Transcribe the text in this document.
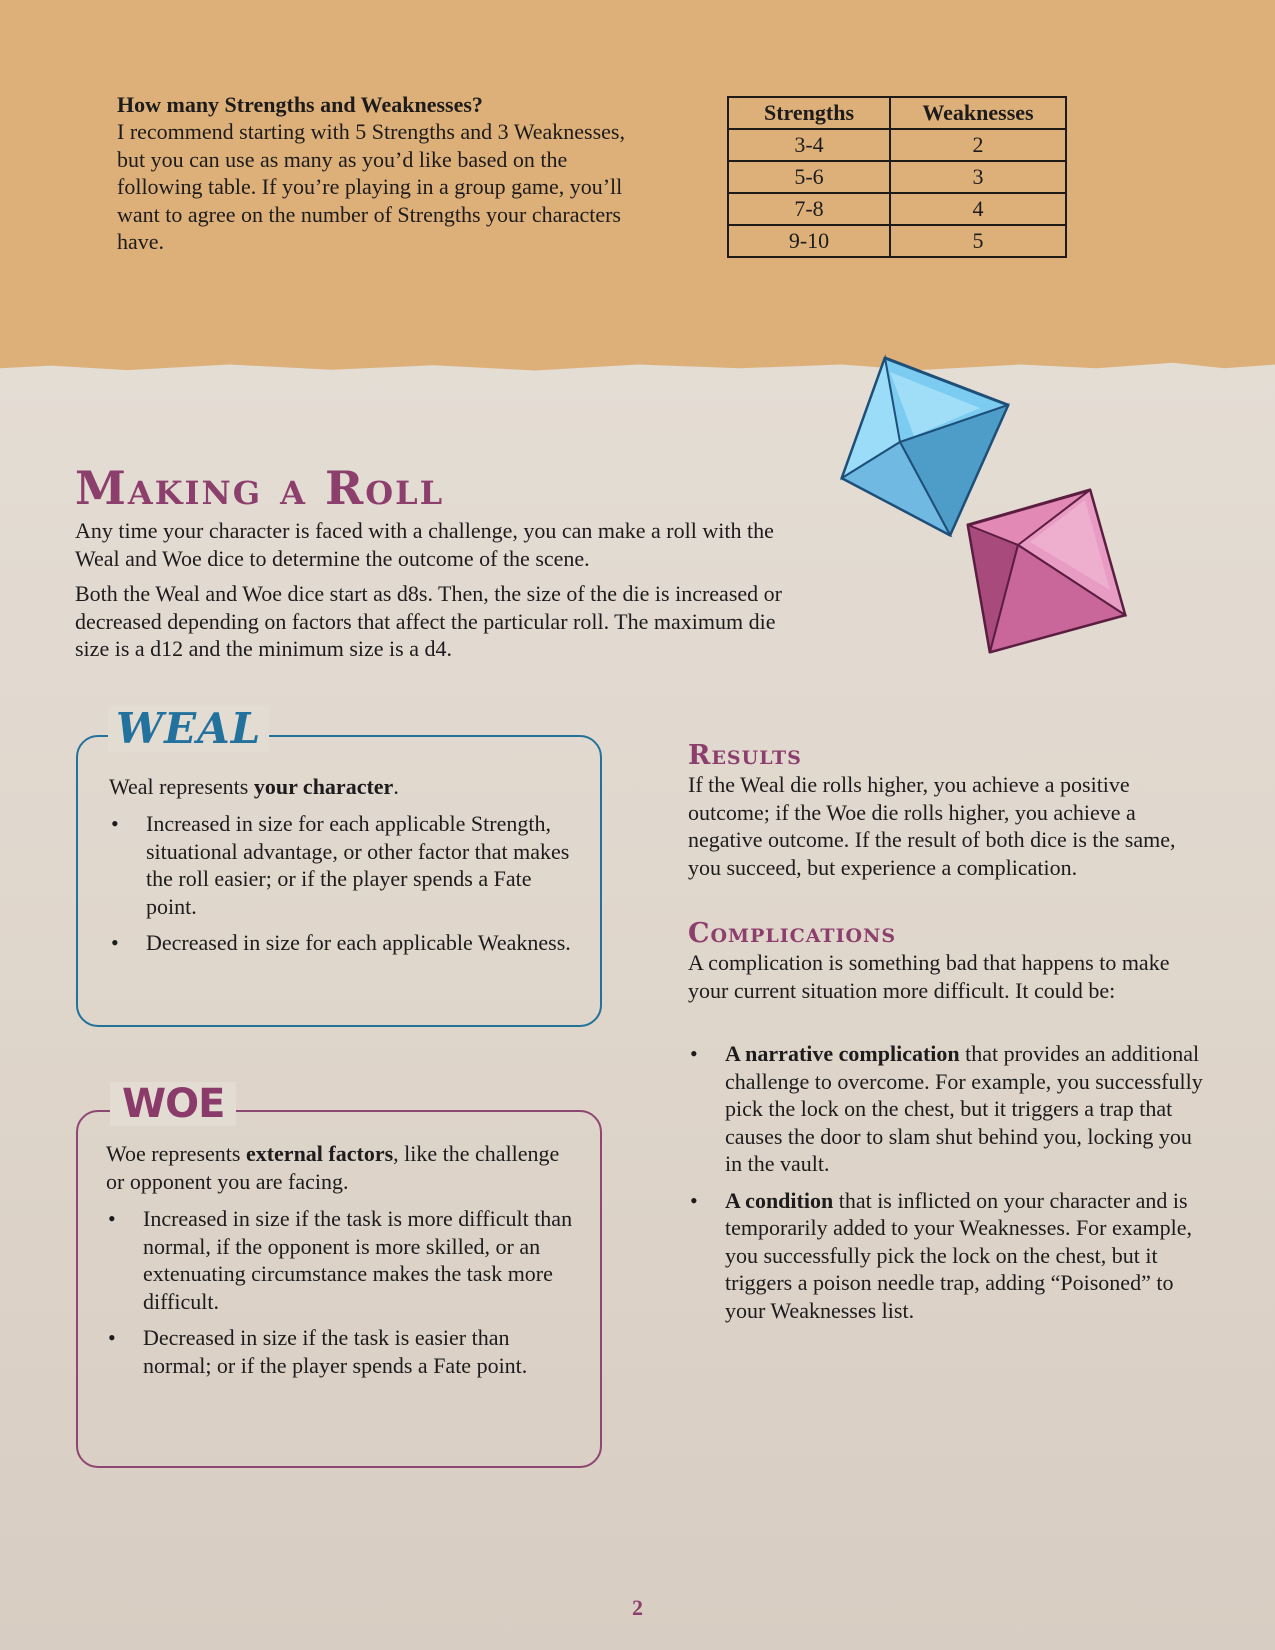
How many Strengths and Weaknesses?
I recommend starting with 5 Strengths and 3 Weaknesses, but you can use as many as you’d like based on the following table. If you’re playing in a group game, you’ll want to agree on the number of Strengths your characters have.
Strengths	Weaknesses
3-4	2
5-6	3
7-8	4
9-10	5
Making a Roll

Any time your character is faced with a challenge, you can make a roll with the Weal and Woe dice to determine the outcome of the scene.

Both the Weal and Woe dice start as d8s. Then, the size of the die is increased or decreased depending on factors that affect the particular roll. The maximum die size is a d12 and the minimum size is a d4.

WEAL

Weal represents your character.

• Increased in size for each applicable Strength, situational advantage, or other factor that makes the roll easier; or if the player spends a Fate point.
• Decreased in size for each applicable Weakness.
WOE

Woe represents external factors, like the challenge or opponent you are facing.

• Increased in size if the task is more difficult than normal, if the opponent is more skilled, or an extenuating circumstance makes the task more difficult.
• Decreased in size if the task is easier than normal; or if the player spends a Fate point.
Results

If the Weal die rolls higher, you achieve a positive outcome; if the Woe die rolls higher, you achieve a negative outcome. If the result of both dice is the same, you succeed, but experience a complication.

Complications

A complication is something bad that happens to make your current situation more difficult. It could be:

• A narrative complication that provides an additional challenge to overcome. For example, you successfully pick the lock on the chest, but it triggers a trap that causes the door to slam shut behind you, locking you in the vault.
• A condition that is inflicted on your character and is temporarily added to your Weaknesses. For example, you successfully pick the lock on the chest, but it triggers a poison needle trap, adding “Poisoned” to your Weaknesses list.
2
